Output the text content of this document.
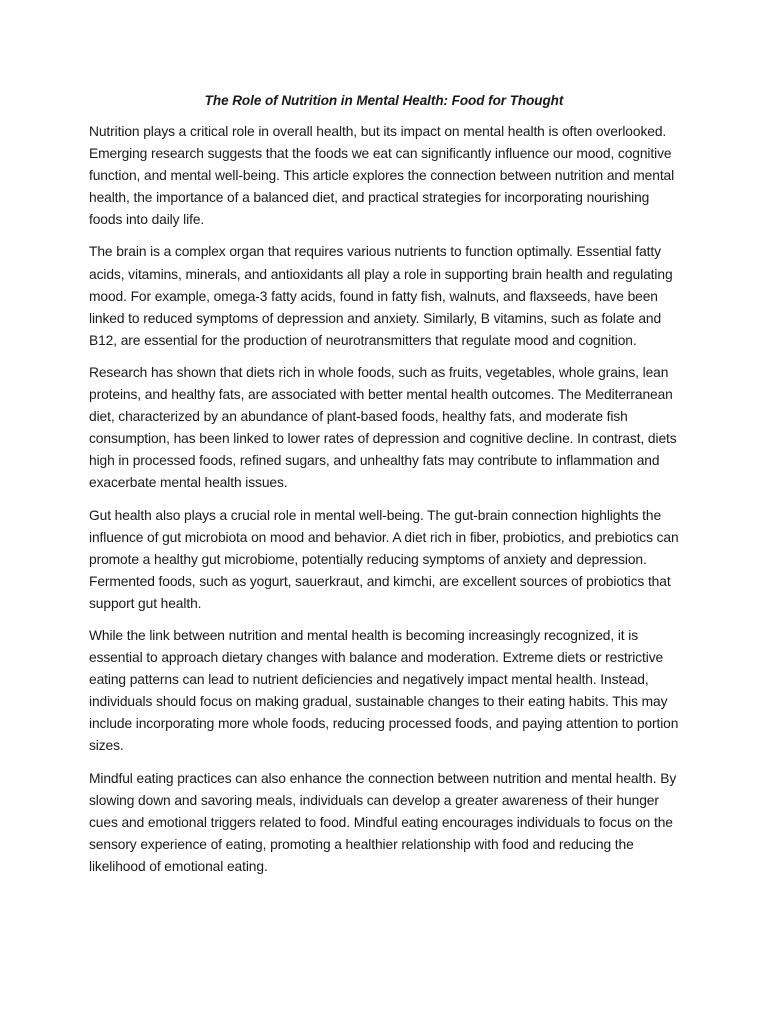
The Role of Nutrition in Mental Health: Food for Thought

Nutrition plays a critical role in overall health, but its impact on mental health is often overlooked. Emerging research suggests that the foods we eat can significantly influence our mood, cognitive function, and mental well-being. This article explores the connection between nutrition and mental health, the importance of a balanced diet, and practical strategies for incorporating nourishing foods into daily life.

The brain is a complex organ that requires various nutrients to function optimally. Essential fatty acids, vitamins, minerals, and antioxidants all play a role in supporting brain health and regulating mood. For example, omega-3 fatty acids, found in fatty fish, walnuts, and flaxseeds, have been linked to reduced symptoms of depression and anxiety. Similarly, B vitamins, such as folate and B12, are essential for the production of neurotransmitters that regulate mood and cognition.

Research has shown that diets rich in whole foods, such as fruits, vegetables, whole grains, lean proteins, and healthy fats, are associated with better mental health outcomes. The Mediterranean diet, characterized by an abundance of plant-based foods, healthy fats, and moderate fish consumption, has been linked to lower rates of depression and cognitive decline. In contrast, diets high in processed foods, refined sugars, and unhealthy fats may contribute to inflammation and exacerbate mental health issues.

Gut health also plays a crucial role in mental well-being. The gut-brain connection highlights the influence of gut microbiota on mood and behavior. A diet rich in fiber, probiotics, and prebiotics can promote a healthy gut microbiome, potentially reducing symptoms of anxiety and depression. Fermented foods, such as yogurt, sauerkraut, and kimchi, are excellent sources of probiotics that support gut health.

While the link between nutrition and mental health is becoming increasingly recognized, it is essential to approach dietary changes with balance and moderation. Extreme diets or restrictive eating patterns can lead to nutrient deficiencies and negatively impact mental health. Instead, individuals should focus on making gradual, sustainable changes to their eating habits. This may include incorporating more whole foods, reducing processed foods, and paying attention to portion sizes.

Mindful eating practices can also enhance the connection between nutrition and mental health. By slowing down and savoring meals, individuals can develop a greater awareness of their hunger cues and emotional triggers related to food. Mindful eating encourages individuals to focus on the sensory experience of eating, promoting a healthier relationship with food and reducing the likelihood of emotional eating.
